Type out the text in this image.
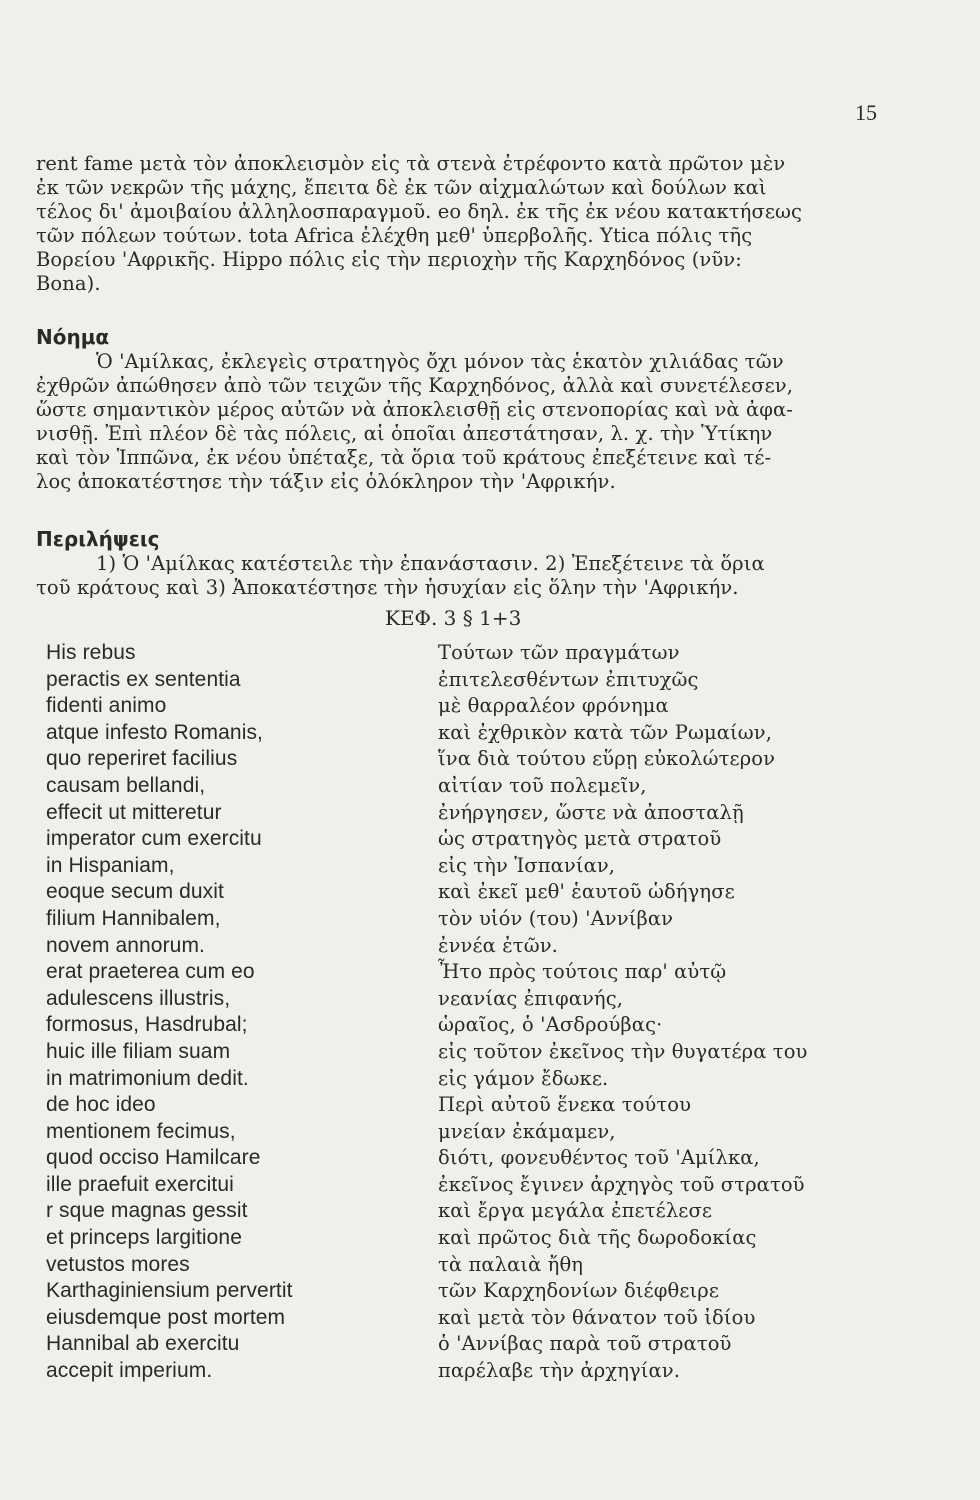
15
rent fame μετὰ τὸν ἀποκλεισμὸν εἰς τὰ στενὰ ἐτρέφοντο κατὰ πρῶτον μὲν
ἐκ τῶν νεκρῶν τῆς μάχης, ἔπειτα δὲ ἐκ τῶν αἰχμαλώτων καὶ δούλων καὶ
τέλος δι' ἀμοιβαίου ἀλληλοσπαραγμοῦ. eo δηλ. ἐκ τῆς ἐκ νέου κατακτήσεως
τῶν πόλεων τούτων. tota Africa ἐλέχθη μεθ' ὑπερβολῆς. Ytica πόλις τῆς
Βορείου 'Αφρικῆς. Hippo πόλις εἰς τὴν περιοχὴν τῆς Καρχηδόνος (νῦν:
Bona).
Νόημα
Ὁ 'Αμίλκας, ἐκλεγεὶς στρατηγὸς ὄχι μόνον τὰς ἑκατὸν χιλιάδας τῶν
ἐχθρῶν ἀπώθησεν ἀπὸ τῶν τειχῶν τῆς Καρχηδόνος, ἀλλὰ καὶ συνετέλεσεν,
ὥστε σημαντικὸν μέρος αὐτῶν νὰ ἀποκλεισθῇ εἰς στενοπορίας καὶ νὰ ἀφα-
νισθῇ. Ἐπὶ πλέον δὲ τὰς πόλεις, αἱ ὁποῖαι ἀπεστάτησαν, λ. χ. τὴν Ὑτίκην
καὶ τὸν Ἱππῶνα, ἐκ νέου ὑπέταξε, τὰ ὅρια τοῦ κράτους ἐπεξέτεινε καὶ τέ-
λος ἀποκατέστησε τὴν τάξιν εἰς ὁλόκληρον τὴν 'Αφρικήν.
Περιλήψεις
1) Ὁ 'Αμίλκας κατέστειλε τὴν ἐπανάστασιν. 2) Ἐπεξέτεινε τὰ ὅρια
τοῦ κράτους καὶ 3) Ἀποκατέστησε τὴν ἡσυχίαν εἰς ὅλην τὴν 'Αφρικήν.
ΚΕΦ. 3 § 1+3
His rebus
peractis ex sententia
fidenti animo
atque infesto Romanis,
quo reperiret facilius
causam bellandi,
effecit ut mitteretur
imperator cum exercitu
in Hispaniam,
eoque secum duxit
filium Hannibalem,
novem annorum.
erat praeterea cum eo
adulescens illustris,
formosus, Hasdrubal;
huic ille filiam suam
in matrimonium dedit.
de hoc ideo
mentionem fecimus,
quod occiso Hamilcare
ille praefuit exercitui
r sque magnas gessit
et princeps largitione
vetustos mores
Karthaginiensium pervertit
eiusdemque post mortem
Hannibal ab exercitu
accepit imperium.
Τούτων τῶν πραγμάτων
ἐπιτελεσθέντων ἐπιτυχῶς
μὲ θαρραλέον φρόνημα
καὶ ἐχθρικὸν κατὰ τῶν Ρωμαίων,
ἵνα διὰ τούτου εὕρῃ εὐκολώτερον
αἰτίαν τοῦ πολεμεῖν,
ἐνήργησεν, ὥστε νὰ ἀποσταλῇ
ὡς στρατηγὸς μετὰ στρατοῦ
εἰς τὴν Ἱσπανίαν,
καὶ ἐκεῖ μεθ' ἑαυτοῦ ὡδήγησε
τὸν υἱόν (του) 'Αννίβαν
ἐννέα ἐτῶν.
Ἦτο πρὸς τούτοις παρ' αὐτῷ
νεανίας ἐπιφανής,
ὡραῖος, ὁ 'Ασδρούβας·
εἰς τοῦτον ἐκεῖνος τὴν θυγατέρα του
εἰς γάμον ἔδωκε.
Περὶ αὐτοῦ ἕνεκα τούτου
μνείαν ἐκάμαμεν,
διότι, φονευθέντος τοῦ 'Αμίλκα,
ἐκεῖνος ἔγινεν ἀρχηγὸς τοῦ στρατοῦ
καὶ ἔργα μεγάλα ἐπετέλεσε
καὶ πρῶτος διὰ τῆς δωροδοκίας
τὰ παλαιὰ ἤθη
τῶν Καρχηδονίων διέφθειρε
καὶ μετὰ τὸν θάνατον τοῦ ἰδίου
ὁ 'Αννίβας παρὰ τοῦ στρατοῦ
παρέλαβε τὴν ἀρχηγίαν.
